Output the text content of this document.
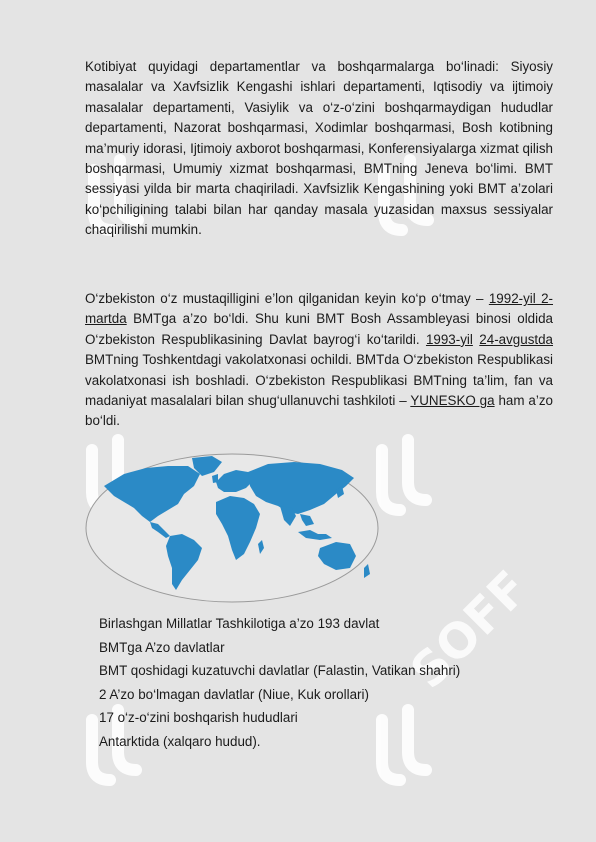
SOFF

Kotibiyat quyidagi departamentlar va boshqarmalarga bo‘linadi: Siyosiy masalalar va Xavfsizlik Kengashi ishlari departamenti, Iqtisodiy va ijtimoiy masalalar departamenti, Vasiylik va o‘z-o‘zini boshqarmaydigan hududlar departamenti, Nazorat boshqarmasi, Xodimlar boshqarmasi, Bosh kotibning ma’muriy idorasi, Ijtimoiy axborot boshqarmasi, Konferensiyalarga xizmat qilish boshqarmasi, Umumiy xizmat boshqarmasi, BMTning Jeneva bo‘limi. BMT sessiyasi yilda bir marta chaqiriladi. Xavfsizlik Kengashining yoki BMT a’zolari ko‘pchiligining talabi bilan har qanday masala yuzasidan maxsus sessiyalar chaqirilishi mumkin.

O‘zbekiston o‘z mustaqilligini e’lon qilganidan keyin ko‘p o‘tmay – 1992-yil 2-martda BMTga a’zo bo‘ldi. Shu kuni BMT Bosh Assambleyasi binosi oldida O‘zbekiston Respublikasining Davlat bayrog‘i ko‘tarildi. 1993-yil 24-avgustda BMTning Toshkentdagi vakolatxonasi ochildi. BMTda O‘zbekiston Respublikasi vakolatxonasi ish boshladi. O‘zbekiston Respublikasi BMTning ta’lim, fan va madaniyat masalalari bilan shug‘ullanuvchi tashkiloti – YUNESKO ga ham a’zo bo‘ldi.

Birlashgan Millatlar Tashkilotiga a’zo 193 davlat
BMTga A’zo davlatlar
BMT qoshidagi kuzatuvchi davlatlar (Falastin, Vatikan shahri)
2 A’zo bo‘lmagan davlatlar (Niue, Kuk orollari)
17 o‘z-o‘zini boshqarish hududlari
Antarktida (xalqaro hudud).
